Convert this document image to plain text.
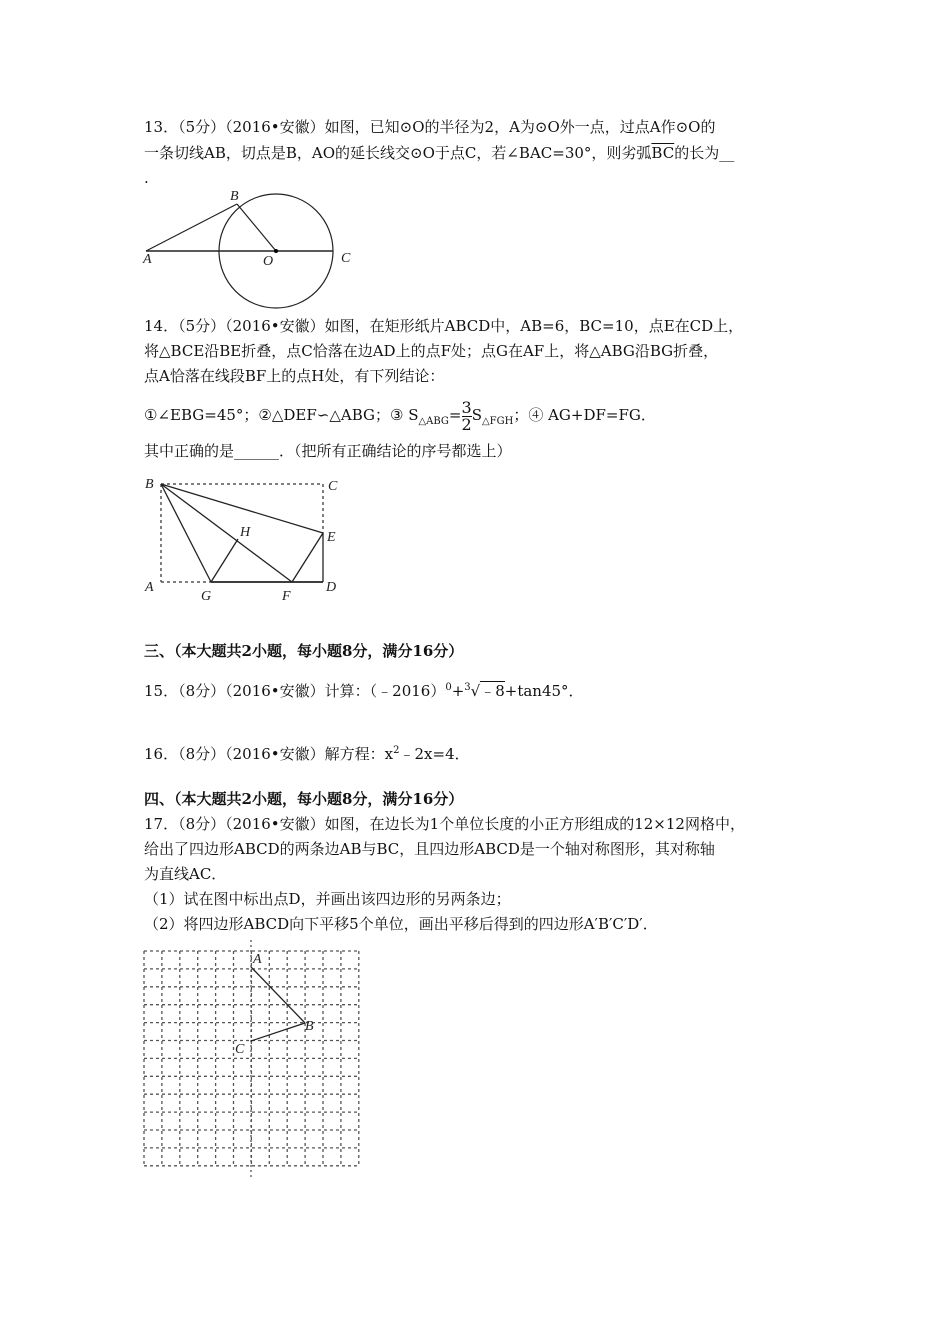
13．（5分）（2016•安徽）如图，已知⊙O的半径为2，A为⊙O外一点，过点A作⊙O的
一条切线AB，切点是B，AO的延长线交⊙O于点C，若∠BAC=30°，则劣弧$\overline{BC}$的长为__
.
A
B
O	C
14．（5分）（2016•安徽）如图，在矩形纸片ABCD中，AB=6，BC=10，点E在CD上，
将△BCE沿BE折叠，点C恰落在边AD上的点F处；点G在AF上，将△ABG沿BG折叠，
点A恰落在线段BF上的点H处，有下列结论：
①∠EBG=45°；②△DEF∽△ABG；③ $S_{\triangle ABG}= \frac{3}{2} S_{\triangle FGH}$；④ AG+DF=FG．
其中正确的是______．（把所有正确结论的序号都选上）
B	C
A	D
E
F
G
H
三、（本大题共2小题，每小题8分，满分16分）
15．（8分）（2016•安徽）计算：（﹣2016）$^0$+$^3$√﹣8+tan45°．
16．（8分）（2016•安徽）解方程：$x^2﹣2x=4$．
四、（本大题共2小题，每小题8分，满分16分）
17．（8分）（2016•安徽）如图，在边长为1个单位长度的小正方形组成的12×12网格中，
给出了四边形ABCD的两条边AB与BC，且四边形ABCD是一个轴对称图形，其对称轴
为直线AC．
（1）试在图中标出点D，并画出该四边形的另两条边；
（2）将四边形ABCD向下平移5个单位，画出平移后得到的四边形A′B′C′D′．
A
B
C
